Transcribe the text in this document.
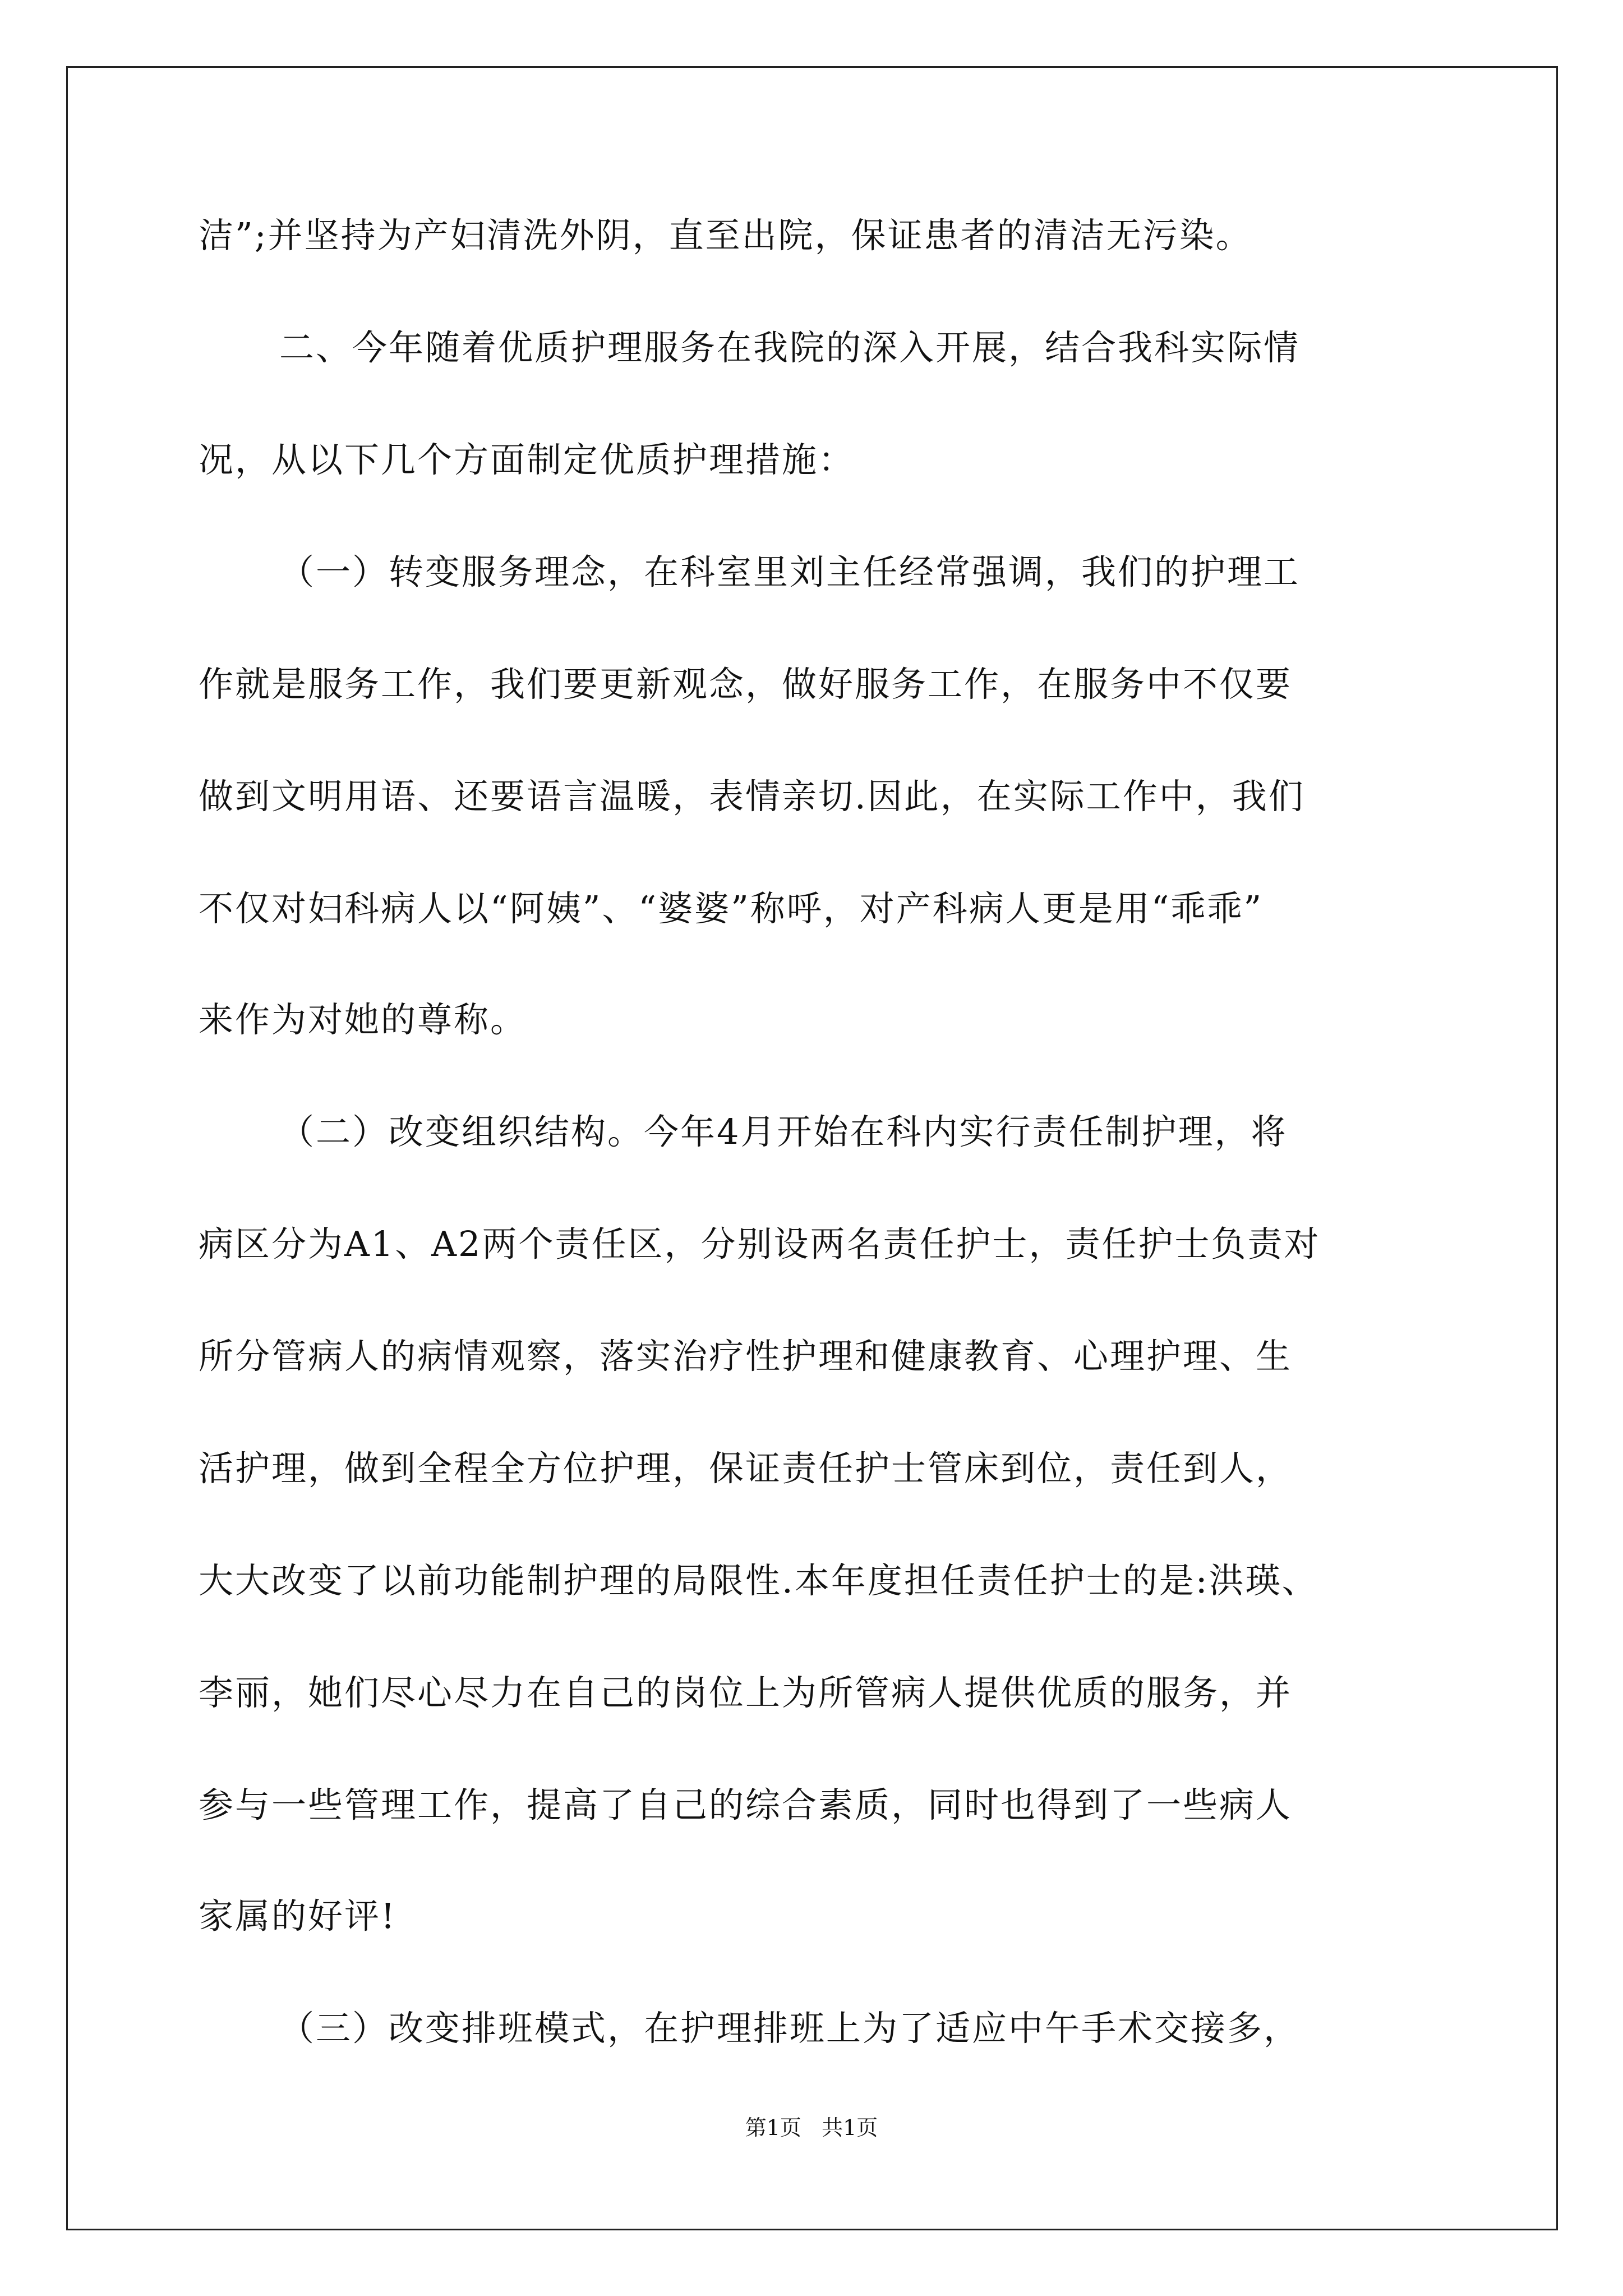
洁”;并坚持为产妇清洗外阴，直至出院，保证患者的清洁无污染。
二、今年随着优质护理服务在我院的深入开展，结合我科实际情
况，从以下几个方面制定优质护理措施：
（一）转变服务理念，在科室里刘主任经常强调，我们的护理工
作就是服务工作，我们要更新观念，做好服务工作，在服务中不仅要
做到文明用语、还要语言温暖，表情亲切.因此，在实际工作中，我们
不仅对妇科病人以“阿姨”、“婆婆”称呼，对产科病人更是用“乖乖”
来作为对她的尊称。
（二）改变组织结构。今年4月开始在科内实行责任制护理，将
病区分为A1、A2两个责任区，分别设两名责任护士，责任护士负责对
所分管病人的病情观察，落实治疗性护理和健康教育、心理护理、生
活护理，做到全程全方位护理，保证责任护士管床到位，责任到人，
大大改变了以前功能制护理的局限性.本年度担任责任护士的是:洪瑛、
李丽，她们尽心尽力在自己的岗位上为所管病人提供优质的服务，并
参与一些管理工作，提高了自己的综合素质，同时也得到了一些病人
家属的好评!
（三）改变排班模式，在护理排班上为了适应中午手术交接多，
第1页   共1页
